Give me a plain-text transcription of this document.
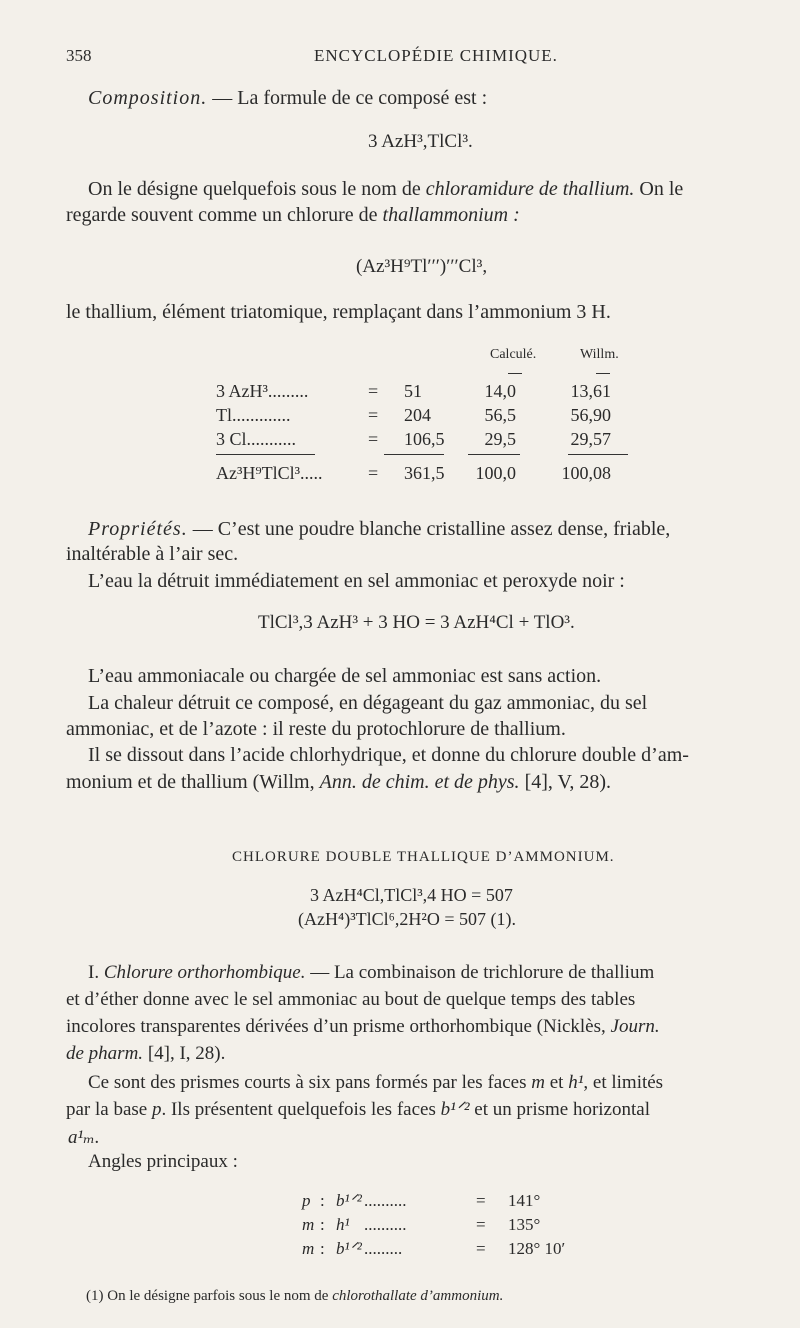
358	ENCYCLOPÉDIE CHIMIQUE.
Composition. — La formule de ce composé est :
3 AzH³,TlCl³.
On le désigne quelquefois sous le nom de chloramidure de thallium. On le
regarde souvent comme un chlorure de thallammonium :
(Az³H⁹Tl′′′)′′′Cl³,
le thallium, élément triatomique, remplaçant dans l’ammonium 3 H.
Calculé.	Willm.
3 AzH³.........	=	51	14,0	13,61
Tl.............	=	204	56,5	56,90
3 Cl...........	=	106,5	29,5	29,57
Az³H⁹TlCl³.....	=	361,5	100,0	100,08
Propriétés. — C’est une poudre blanche cristalline assez dense, friable,
inaltérable à l’air sec.
L’eau la détruit immédiatement en sel ammoniac et peroxyde noir :
TlCl³,3 AzH³ + 3 HO = 3 AzH⁴Cl + TlO³.
L’eau ammoniacale ou chargée de sel ammoniac est sans action.
La chaleur détruit ce composé, en dégageant du gaz ammoniac, du sel
ammoniac, et de l’azote : il reste du protochlorure de thallium.
Il se dissout dans l’acide chlorhydrique, et donne du chlorure double d’am-
monium et de thallium (Willm, Ann. de chim. et de phys. [4], V, 28).
CHLORURE DOUBLE THALLIQUE D’AMMONIUM.
3 AzH⁴Cl,TlCl³,4 HO = 507
(AzH⁴)³TlCl⁶,2H²O = 507 (1).
I. Chlorure orthorhombique. — La combinaison de trichlorure de thallium
et d’éther donne avec le sel ammoniac au bout de quelque temps des tables
incolores transparentes dérivées d’un prisme orthorhombique (Nicklès, Journ.
de pharm. [4], I, 28).
Ce sont des prismes courts à six pans formés par les faces m et h¹, et limités
par la base p. Ils présentent quelquefois les faces b¹ᐟ² et un prisme horizontal
a¹ₘ.
Angles principaux :
p	:	b¹ᐟ²	..........	=	141°
m	:	h¹	..........	=	135°
m	:	b¹ᐟ²	.........	=	128° 10′
(1) On le désigne parfois sous le nom de chlorothallate d’ammonium.
